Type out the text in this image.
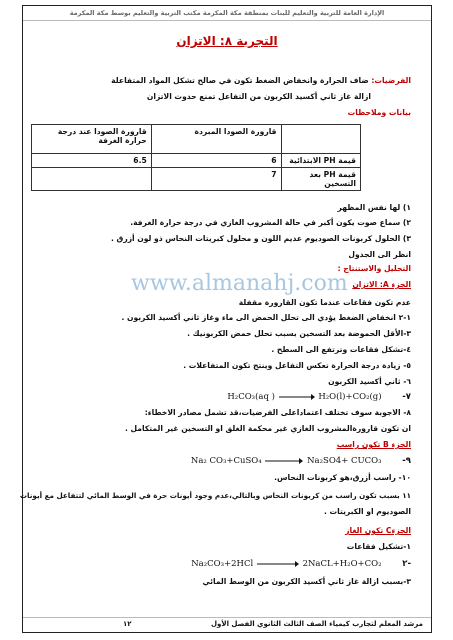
الإدارة العامة للتربية والتعليم للبنات بمنطقة مكة المكرمة مكتب التربية والتعليم بوسط مكة المكرمة
التجربة ٨: الاتزان
الفرضيات: ضاف الحرارة وانخفاض الضغط تكون في صالح تشكل المواد المتفاعلة
ازالة غاز ثاني أكسيد الكربون من التفاعل تمنع حدوث الاتزان
بيانات وملاحظات
	قارورة الصودا المبردة	قارورة الصودا عند درجة حرارة الغرفة
قيمة PH الابتدائية	6	6.5
قيمة PH بعد التسخين	7	
١) لها نفس المظهر
٢) سماع صوت يكون أكبر في حالة المشروب الغازي في درجة حرارة الغرفة.
٣) الحلول كربونات الصوديوم عديم اللون و محلول كبريتات النحاس ذو لون أزرق .
انظر الى الجدول
التحليل والاستنتاج :
الجزء A: الاتزان
عدم تكون فقاعات عندما تكون القارورة مقفلة
١-٢ انخفاض الضغط يؤدي الى تحلل الحمض الى ماء وغاز ثاني أكسيد الكربون .
٣-الأقل الحموضة بعد التسخين بسبب تحلل حمض الكربونيك .
٤-تشكل فقاعات وترتفع الى السطح .
٥- زيادة درجة الحرارة تعكس التفاعل وينتج تكون المتفاعلات .
٦- ثاني أكسيد الكربون
H₂CO₃(aq )	H₂O(l)+CO₂(g) -٧
٨- الاجوبة سوف تختلف اعتماداعلى الفرضيات،قد تشمل مصادر الاخطاء:
ان تكون قارورةالمشروب الغازي غير محكمة الغلق او التسخين غير المتكامل .
الجزء B تكون راسب
Na₂ CO₃+CuSO₄	Na₂SO4+ CUCO₃ -٩
١٠- راسب أزرق،هو كربونات النحاس.
١١ بسبب تكون راسب من كربونات النحاس وبالتالي،عدم وجود أيونات حرة في الوسط المائي لتتفاعل مع أيونات
الصوديوم او الكبريتات .
الجزءC تكون الغاز
١-تشكيل فقاعات
Na₂CO₃+2HCl	2NaCL+H₂O+CO₂ ٢-
٣-بسبب ازالة غاز ثاني أكسيد الكربون من الوسط المائي
www.almanahj.com
مرشد المعلم لتجارب كيمياء الصف الثالث الثانوي الفصل الأول
١٢
